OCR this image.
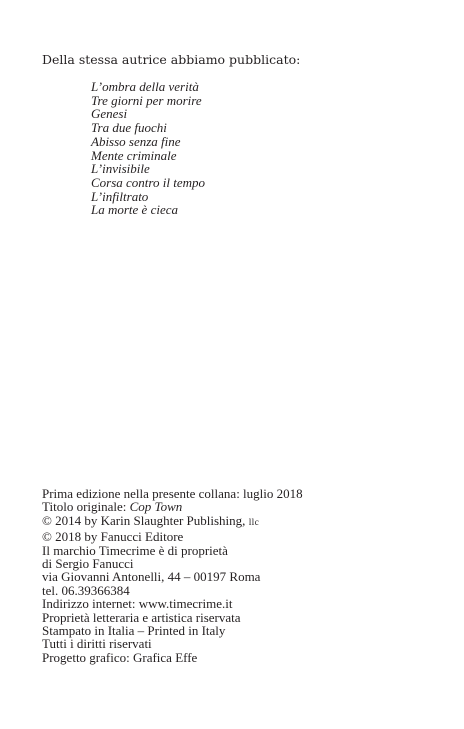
Della stessa autrice abbiamo pubblicato:
L’ombra della verità
Tre giorni per morire
Genesi
Tra due fuochi
Abisso senza fine
Mente criminale
L’invisibile
Corsa contro il tempo
L’infiltrato
La morte è cieca
Prima edizione nella presente collana: luglio 2018
Titolo originale: Cop Town
© 2014 by Karin Slaughter Publishing, llc
© 2018 by Fanucci Editore
Il marchio Timecrime è di proprietà
di Sergio Fanucci
via Giovanni Antonelli, 44 – 00197 Roma
tel. 06.39366384
Indirizzo internet: www.timecrime.it
Proprietà letteraria e artistica riservata
Stampato in Italia – Printed in Italy
Tutti i diritti riservati
Progetto grafico: Grafica Effe
